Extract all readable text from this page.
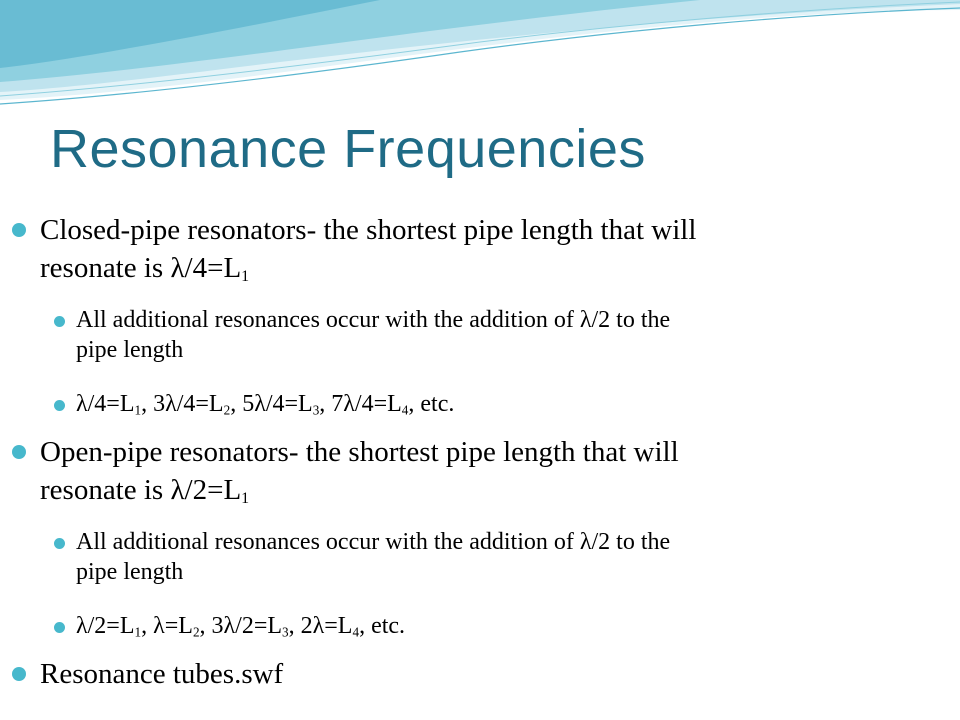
Resonance Frequencies
Closed-pipe resonators- the shortest pipe length that will
resonate is $\lambda/4=L_1$
All additional resonances occur with the addition of λ/2 to the
pipe length
$\lambda/4=L_1$, $3\lambda/4=L_2$, $5\lambda/4=L_3$, $7\lambda/4=L_4$, etc.
Open-pipe resonators- the shortest pipe length that will
resonate is $\lambda/2=L_1$
All additional resonances occur with the addition of λ/2 to the
pipe length
$\lambda/2=L_1$, $\lambda=L_2$, $3\lambda/2=L_3$, $2\lambda=L_4$, etc.
Resonance tubes.swf
